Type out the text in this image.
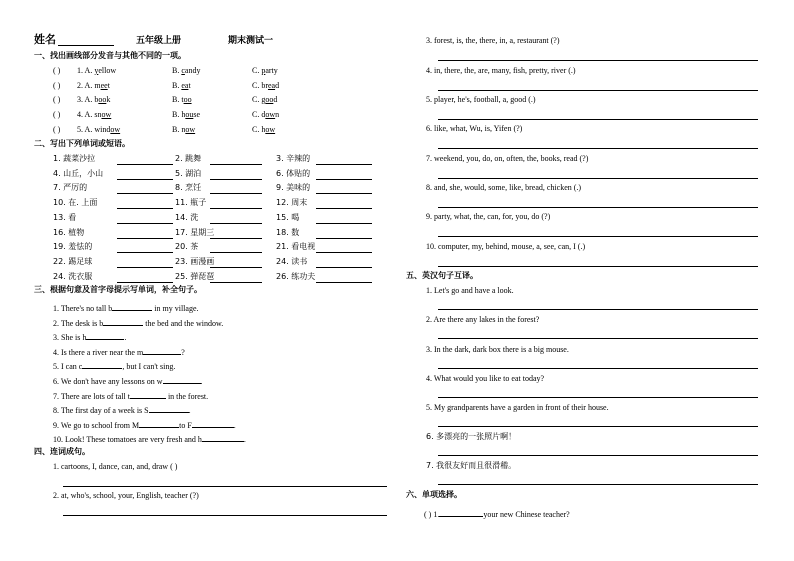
姓名	五年级上册	期末测试一
一、找出画线部分发音与其他不同的一项。
( ) 1. A. yellow	B. candy	C. party
( ) 2. A. meet	B. eat	C. bread
( ) 3. A. book	B. too	C. good
( ) 4. A. snow	B. house	C. down
( ) 5. A. window	B. now	C. how
二、写出下列单词或短语。
1. 蔬菜沙拉	2. 跳舞	3. 辛辣的
4. 山丘，小山	5. 湖泊	6. 体贴的
7. 严厉的	8. 烹饪	9. 美味的
10. 在. 上面	11. 瓶子	12. 周末
13. 看	14. 洗	15. 喝
16. 植物	17. 星期三	18. 数
19. 羞怯的	20. 茶	21. 看电视
22. 踢足球	23. 画漫画	24. 读书
24. 洗衣服	25. 弹琵琶	26. 练功夫
三、根据句意及首字母提示写单词，补全句子。
1. There's no tall b	in my village.
2. The desk is b	the bed and the window.
3. She is h	.
4. Is there a river near the m	?
5. I can c	, but I can't sing.
6. We don't have any lessons on w	.
7. There are lots of tall t	in the forest.
8. The first day of a week is S	.
9. We go to school from M	to F	.
10. Look! These tomatoes are very fresh and h	.
四、连词成句。
1. cartoons, I, dance, can, and, draw ( )
2. at, who's, school, your, English, teacher (?)
3. forest, is, the, there, in, a, restaurant (?)
4. in, there, the, are, many, fish, pretty, river (.)
5. player, he's, football, a, good (.)
6. like, what, Wu, is, Yifen (?)
7. weekend, you, do, on, often, the, books, read (?)
8. and, she, would, some, like, bread, chicken (.)
9. party, what, the, can, for, you, do (?)
10. computer, my, behind, mouse, a, see, can, I (.)
五、英汉句子互译。
1. Let's go and have a look.
2. Are there any lakes in the forest?
3. In the dark, dark box there is a big mouse.
4. What would you like to eat today?
5. My grandparents have a garden in front of their house.
6. 多漂亮的一张照片啊！
7. 我很友好而且很滑稽。
六、单项选择。
( ) 1.	your new Chinese teacher?
